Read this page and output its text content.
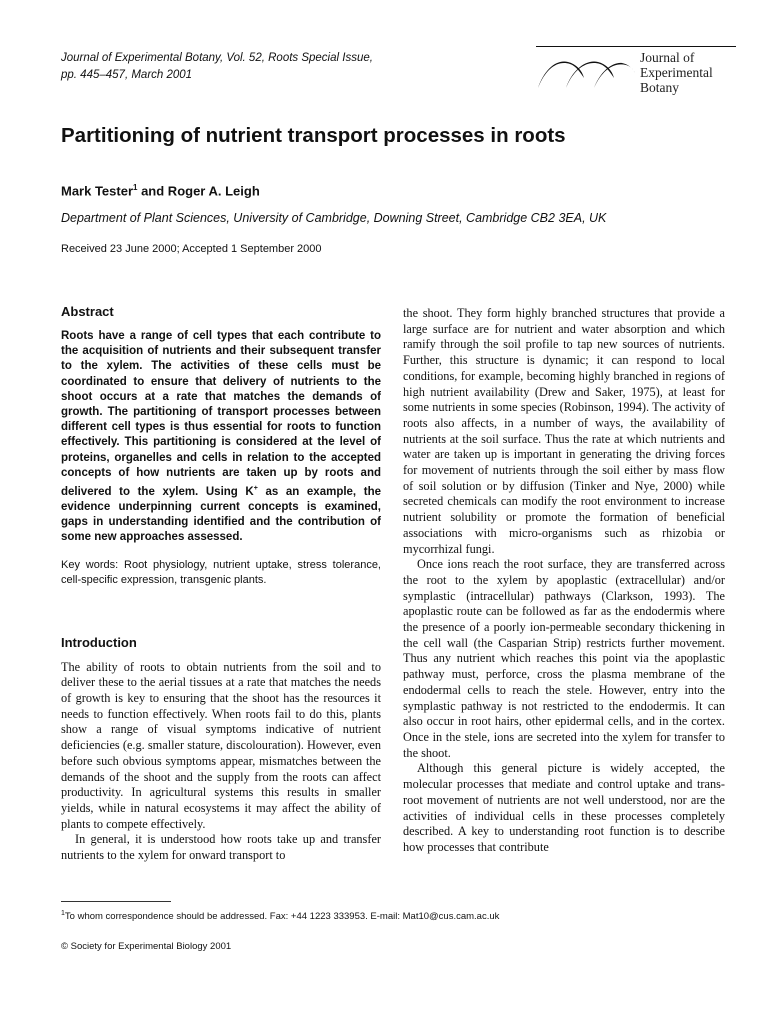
Journal of Experimental Botany, Vol. 52, Roots Special Issue,
pp. 445–457, March 2001
Journal of
Experimental
Botany
Partitioning of nutrient transport processes in roots
Mark Tester$^1$ and Roger A. Leigh
Department of Plant Sciences, University of Cambridge, Downing Street, Cambridge CB2 3EA, UK
Received 23 June 2000; Accepted 1 September 2000
Abstract

Roots have a range of cell types that each contribute to the acquisition of nutrients and their subsequent transfer to the xylem. The activities of these cells must be coordinated to ensure that delivery of nutrients to the shoot occurs at a rate that matches the demands of growth. The partitioning of transport processes between different cell types is thus essential for roots to function effectively. This partitioning is considered at the level of proteins, organelles and cells in relation to the accepted concepts of how nutrients are taken up by roots and delivered to the xylem. Using K+ as an example, the evidence underpinning current concepts is examined, gaps in understanding identified and the contribution of some new approaches assessed.

Key words: Root physiology, nutrient uptake, stress tolerance, cell-specific expression, transgenic plants.

Introduction

The ability of roots to obtain nutrients from the soil and to deliver these to the aerial tissues at a rate that matches the needs of growth is key to ensuring that the shoot has the resources it needs to function effectively. When roots fail to do this, plants show a range of visual symptoms indicative of nutrient deficiencies (e.g. smaller stature, discolouration). However, even before such obvious symptoms appear, mismatches between the demands of the shoot and the supply from the roots can affect productivity. In agricultural systems this results in smaller yields, while in natural ecosystems it may affect the ability of plants to compete effectively.

In general, it is understood how roots take up and transfer nutrients to the xylem for onward transport to

the shoot. They form highly branched structures that provide a large surface are for nutrient and water absorption and which ramify through the soil profile to tap new sources of nutrients. Further, this structure is dynamic; it can respond to local conditions, for example, becoming highly branched in regions of high nutrient availability (Drew and Saker, 1975), at least for some nutrients in some species (Robinson, 1994). The activity of roots also affects, in a number of ways, the availability of nutrients at the soil surface. Thus the rate at which nutrients and water are taken up is important in generating the driving forces for movement of nutrients through the soil either by mass flow of soil solution or by diffusion (Tinker and Nye, 2000) while secreted chemicals can modify the root environment to increase nutrient solubility or promote the formation of beneficial associations with micro-organisms such as rhizobia or mycorrhizal fungi.

Once ions reach the root surface, they are transferred across the root to the xylem by apoplastic (extracellular) and/or symplastic (intracellular) pathways (Clarkson, 1993). The apoplastic route can be followed as far as the endodermis where the presence of a poorly ion-permeable secondary thickening in the cell wall (the Casparian Strip) restricts further movement. Thus any nutrient which reaches this point via the apoplastic pathway must, perforce, cross the plasma membrane of the endodermal cells to reach the stele. However, entry into the symplastic pathway is not restricted to the endodermis. It can also occur in root hairs, other epidermal cells, and in the cortex. Once in the stele, ions are secreted into the xylem for transfer to the shoot.

Although this general picture is widely accepted, the molecular processes that mediate and control uptake and trans-root movement of nutrients are not well understood, nor are the activities of individual cells in these processes completely described. A key to understanding root function is to describe how processes that contribute

$^1$To whom correspondence should be addressed. Fax: +44 1223 333953. E-mail: Mat10@cus.cam.ac.uk
© Society for Experimental Biology 2001
